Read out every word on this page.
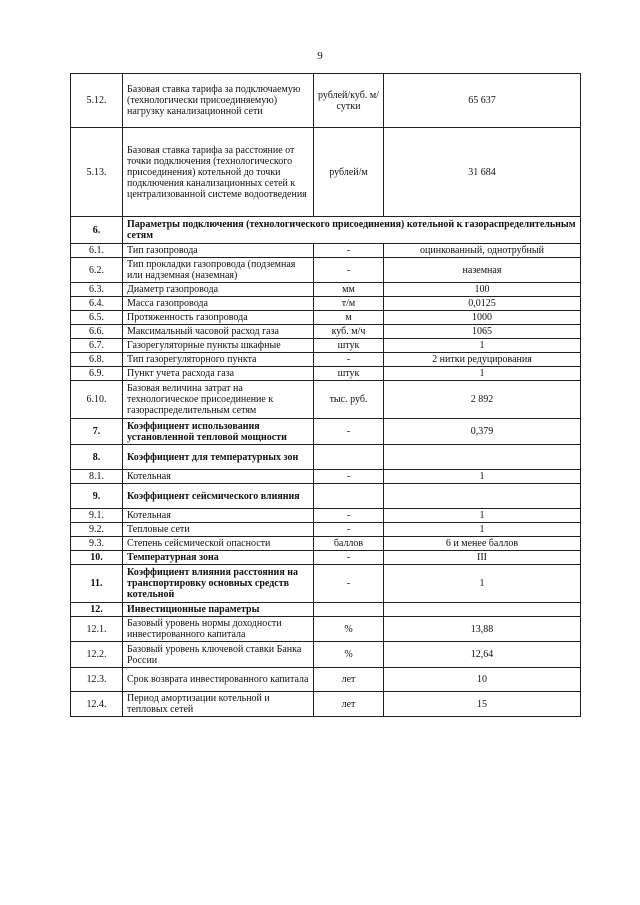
9
5.12.	Базовая ставка тарифа за подключаемую (технологически присоединяемую) нагрузку канализационной сети	рублей/куб. м/сутки	65 637
5.13.	Базовая ставка тарифа за расстояние от точки подключения (технологического присоединения) котельной до точки подключения канализационных сетей к централизованной системе водоотведения	рублей/м	31 684
6.	Параметры подключения (технологического присоединения) котельной к газораспределительным сетям		
6.1.	Тип газопровода	-	оцинкованный, однотрубный
6.2.	Тип прокладки газопровода (подземная или надземная (наземная)	-	наземная
6.3.	Диаметр газопровода	мм	100
6.4.	Масса газопровода	т/м	0,0125
6.5.	Протяженность газопровода	м	1000
6.6.	Максимальный часовой расход газа	куб. м/ч	1065
6.7.	Газорегуляторные пункты шкафные	штук	1
6.8.	Тип газорегуляторного пункта	-	2 нитки редуцирования
6.9.	Пункт учета расхода газа	штук	1
6.10.	Базовая величина затрат на технологическое присоединение к газораспределительным сетям	тыс. руб.	2 892
7.	Коэффициент использования установленной тепловой мощности	-	0,379
8.	Коэффициент для температурных зон		
8.1.	Котельная	-	1
9.	Коэффициент сейсмического влияния		
9.1.	Котельная	-	1
9.2.	Тепловые сети	-	1
9.3.	Степень сейсмической опасности	баллов	6 и менее баллов
10.	Температурная зона	-	III
11.	Коэффициент влияния расстояния на транспортировку основных средств котельной	-	1
12.	Инвестиционные параметры		
12.1.	Базовый уровень нормы доходности инвестированного капитала	%	13,88
12.2.	Базовый уровень ключевой ставки Банка России	%	12,64
12.3.	Срок возврата инвестированного капитала	лет	10
12.4.	Период амортизации котельной и тепловых сетей	лет	15
